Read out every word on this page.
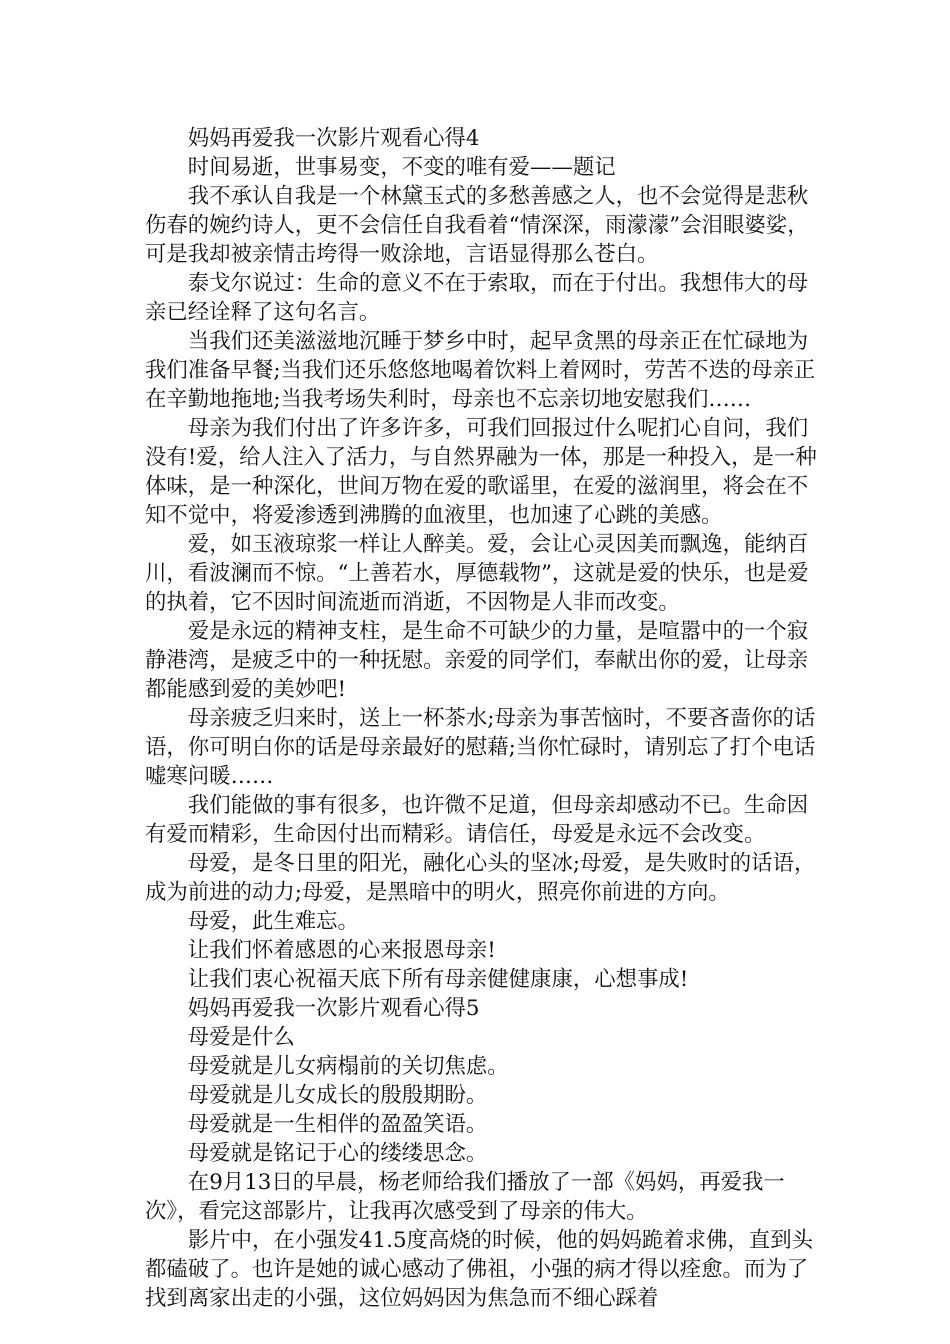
妈妈再爱我一次影片观看心得4

时间易逝，世事易变，不变的唯有爱——题记

我不承认自我是一个林黛玉式的多愁善感之人，也不会觉得是悲秋伤春的婉约诗人，更不会信任自我看着“情深深，雨濛濛”会泪眼婆娑，可是我却被亲情击垮得一败涂地，言语显得那么苍白。

泰戈尔说过：生命的意义不在于索取，而在于付出。我想伟大的母亲已经诠释了这句名言。

当我们还美滋滋地沉睡于梦乡中时，起早贪黑的母亲正在忙碌地为我们准备早餐;当我们还乐悠悠地喝着饮料上着网时，劳苦不迭的母亲正在辛勤地拖地;当我考场失利时，母亲也不忘亲切地安慰我们……

母亲为我们付出了许多许多，可我们回报过什么呢扪心自问，我们没有!爱，给人注入了活力，与自然界融为一体，那是一种投入，是一种体味，是一种深化，世间万物在爱的歌谣里，在爱的滋润里，将会在不知不觉中，将爱渗透到沸腾的血液里，也加速了心跳的美感。

爱，如玉液琼浆一样让人醉美。爱，会让心灵因美而飘逸，能纳百川，看波澜而不惊。“上善若水，厚德载物”，这就是爱的快乐，也是爱的执着，它不因时间流逝而消逝，不因物是人非而改变。

爱是永远的精神支柱，是生命不可缺少的力量，是喧嚣中的一个寂静港湾，是疲乏中的一种抚慰。亲爱的同学们，奉献出你的爱，让母亲都能感到爱的美妙吧!

母亲疲乏归来时，送上一杯茶水;母亲为事苦恼时，不要吝啬你的话语，你可明白你的话是母亲最好的慰藉;当你忙碌时，请别忘了打个电话嘘寒问暖……

我们能做的事有很多，也许微不足道，但母亲却感动不已。生命因有爱而精彩，生命因付出而精彩。请信任，母爱是永远不会改变。

母爱，是冬日里的阳光，融化心头的坚冰;母爱，是失败时的话语，成为前进的动力;母爱，是黑暗中的明火，照亮你前进的方向。

母爱，此生难忘。

让我们怀着感恩的心来报恩母亲!

让我们衷心祝福天底下所有母亲健健康康，心想事成!

妈妈再爱我一次影片观看心得5

母爱是什么

母爱就是儿女病榻前的关切焦虑。

母爱就是儿女成长的殷殷期盼。

母爱就是一生相伴的盈盈笑语。

母爱就是铭记于心的缕缕思念。

在9月13日的早晨，杨老师给我们播放了一部《妈妈，再爱我一次》，看完这部影片，让我再次感受到了母亲的伟大。

影片中，在小强发41.5度高烧的时候，他的妈妈跪着求佛，直到头都磕破了。也许是她的诚心感动了佛祖，小强的病才得以痊愈。而为了找到离家出走的小强，这位妈妈因为焦急而不细心踩着
